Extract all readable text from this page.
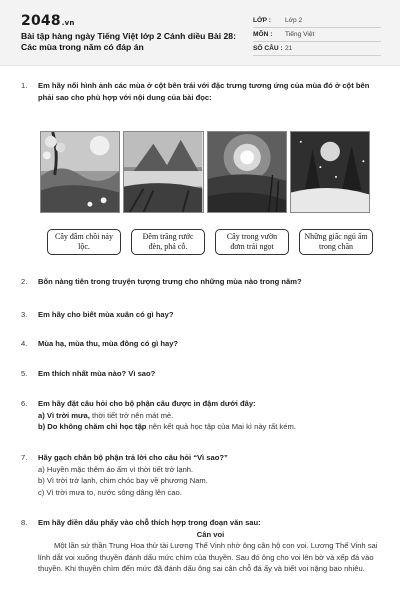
2048.vn
Bài tập hàng ngày Tiếng Việt lớp 2 Cánh diều Bài 28: Các mùa trong năm có đáp án
LỚP :	Lớp 2
MÔN :	Tiếng Việt
SỐ CÂU : 21
1.	Em hãy nối hình ảnh các mùa ở cột bên trái với đặc trưng tương ứng của mùa đó ở cột bên phải sao cho phù hợp với nội dung của bài đọc:
Cây đâm chồi nảy lộc.
Đêm trăng rước đèn, phá cỗ.
Cây trong vườn đơm trái ngọt
Những giấc ngủ ấm trong chăn
2.	Bốn nàng tiên trong truyện tượng trưng cho những mùa nào trong năm?
3.	Em hãy cho biết mùa xuân có gì hay?
4.	Mùa hạ, mùa thu, mùa đông có gì hay?
5.	Em thích nhất mùa nào? Vì sao?
6.	Em hãy đặt câu hỏi cho bộ phận câu được in đậm dưới đây:
a) Vì trời mưa, thời tiết trở nên mát mẻ.
b) Do không chăm chỉ học tập nên kết quả học tập của Mai kì này rất kém.
7.	Hãy gạch chân bộ phận trả lời cho câu hỏi “Vì sao?”
a) Huyền mặc thêm áo ấm vì thời tiết trở lạnh.
b) Vì trời trở lạnh, chim chóc bay về phương Nam.
c) Vì trời mưa to, nước sông dâng lên cao.
8.	Em hãy điền dấu phẩy vào chỗ thích hợp trong đoạn văn sau:
Cân voi
Một lần sứ thần Trung Hoa thử tài Lương Thế Vinh nhờ ông cân hộ con voi. Lương Thế Vinh sai lính dắt voi xuống thuyền đánh dấu mức chìm của thuyền. Sau đó ông cho voi lên bờ và xếp đá vào thuyền. Khi thuyền chìm đến mức đã đánh dấu ông sai cân chỗ đá ấy và biết voi nặng bao nhiêu.
